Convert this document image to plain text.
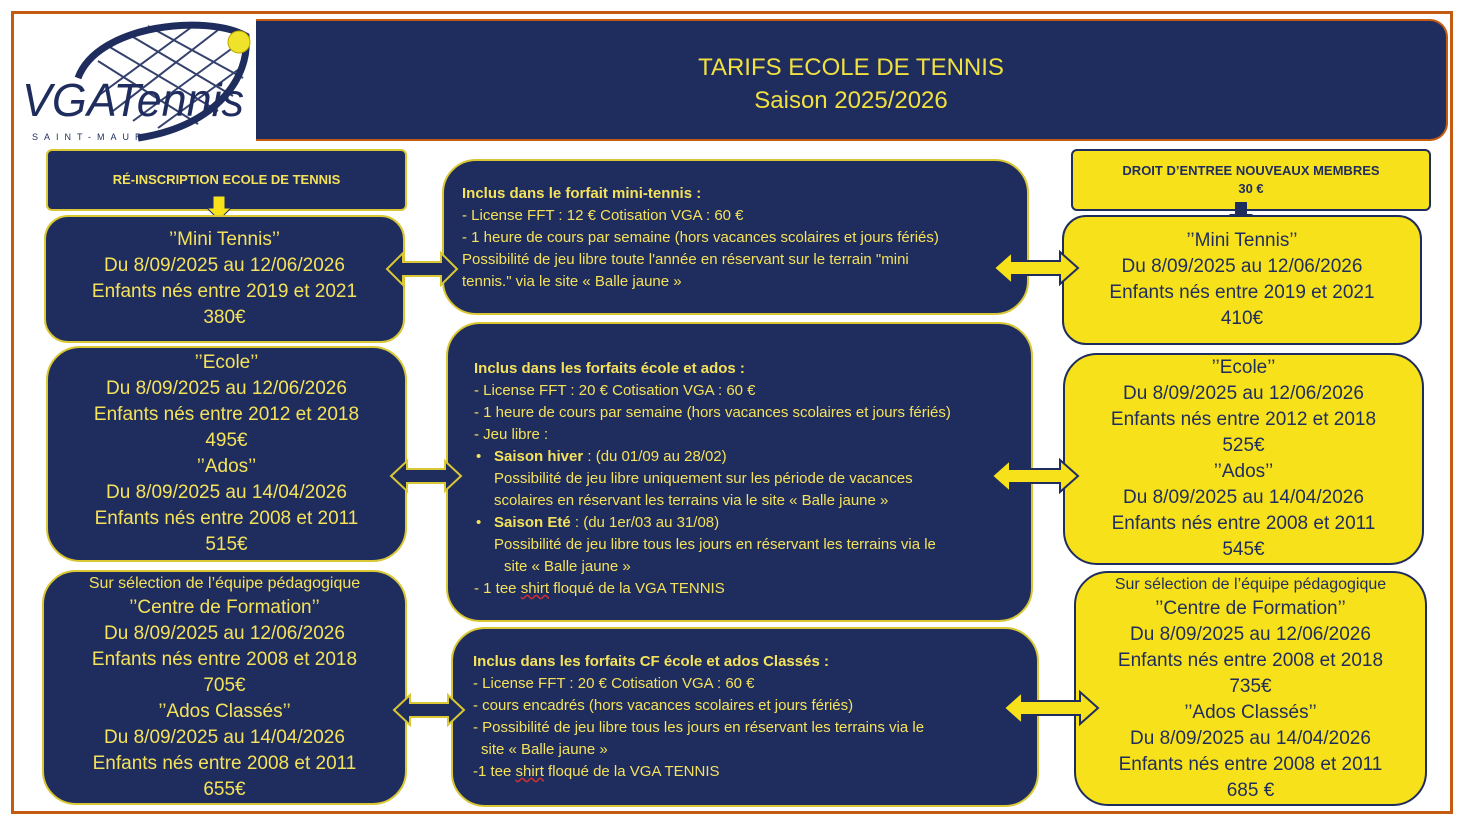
VGATennis
SAINT-MAUR
TARIFS ECOLE DE TENNIS
Saison 2025/2026
RÉ-INSCRIPTION ECOLE DE TENNIS
’’Mini Tennis’’
Du 8/09/2025 au 12/06/2026
Enfants nés entre 2019 et 2021
380€
’’Ecole’’
Du 8/09/2025 au 12/06/2026
Enfants nés entre 2012 et 2018
495€
’’Ados’’
Du 8/09/2025 au 14/04/2026
Enfants nés entre 2008 et 2011
515€
Sur sélection de l’équipe pédagogique
’’Centre de Formation’’
Du 8/09/2025 au 12/06/2026
Enfants nés entre 2008 et 2018
705€
’’Ados Classés’’
Du 8/09/2025 au 14/04/2026
Enfants nés entre 2008 et 2011
655€
Inclus dans le forfait mini-tennis :
- License FFT : 12 € Cotisation VGA : 60 €
- 1 heure de cours par semaine (hors vacances scolaires et jours fériés)
Possibilité de jeu libre toute l'année en réservant sur le terrain "mini
tennis." via le site « Balle jaune »
Inclus dans les forfaits école et ados :
- License FFT : 20 € Cotisation VGA : 60 €
- 1 heure de cours par semaine (hors vacances scolaires et jours fériés)
- Jeu libre :
• Saison hiver : (du 01/09 au 28/02)
Possibilité de jeu libre uniquement sur les période de vacances
scolaires en réservant les terrains via le site « Balle jaune »
• Saison Eté : (du 1er/03 au 31/08)
Possibilité de jeu libre tous les jours en réservant les terrains via le
site « Balle jaune »
- 1 tee shirt floqué de la VGA TENNIS
Inclus dans les forfaits CF école et ados Classés :
- License FFT : 20 € Cotisation VGA : 60 €
- cours encadrés (hors vacances scolaires et jours fériés)
- Possibilité de jeu libre tous les jours en réservant les terrains via le
site « Balle jaune »
-1 tee shirt floqué de la VGA TENNIS
DROIT D’ENTREE NOUVEAUX MEMBRES
30 €
’’Mini Tennis’’
Du 8/09/2025 au 12/06/2026
Enfants nés entre 2019 et 2021
410€
’’Ecole’’
Du 8/09/2025 au 12/06/2026
Enfants nés entre 2012 et 2018
525€
’’Ados’’
Du 8/09/2025 au 14/04/2026
Enfants nés entre 2008 et 2011
545€
Sur sélection de l’équipe pédagogique
’’Centre de Formation’’
Du 8/09/2025 au 12/06/2026
Enfants nés entre 2008 et 2018
735€
’’Ados Classés’’
Du 8/09/2025 au 14/04/2026
Enfants nés entre 2008 et 2011
685 €
